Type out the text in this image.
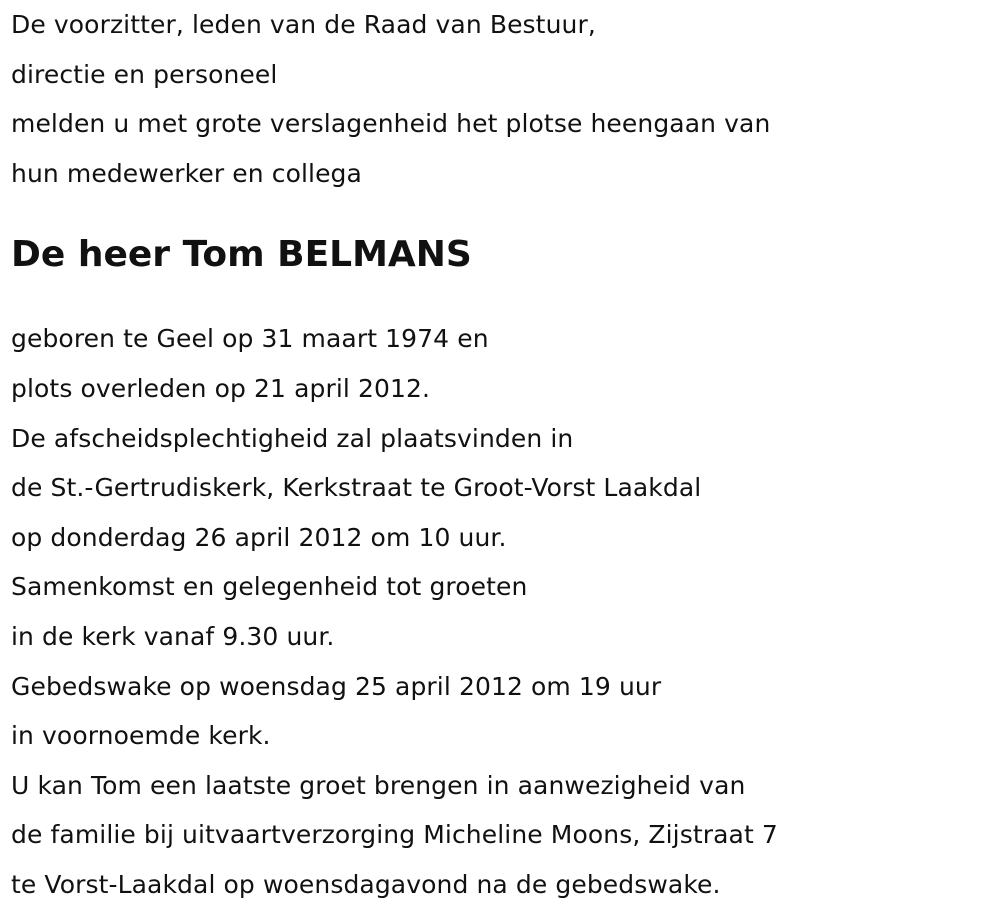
De voorzitter, leden van de Raad van Bestuur,
directie en personeel
melden u met grote verslagenheid het plotse heengaan van
hun medewerker en collega
De heer Tom BELMANS
geboren te Geel op 31 maart 1974 en
plots overleden op 21 april 2012.
De afscheidsplechtigheid zal plaatsvinden in
de St.-Gertrudiskerk, Kerkstraat te Groot-Vorst Laakdal
op donderdag 26 april 2012 om 10 uur.
Samenkomst en gelegenheid tot groeten
in de kerk vanaf 9.30 uur.
Gebedswake op woensdag 25 april 2012 om 19 uur
in voornoemde kerk.
U kan Tom een laatste groet brengen in aanwezigheid van
de familie bij uitvaartverzorging Micheline Moons, Zijstraat 7
te Vorst-Laakdal op woensdagavond na de gebedswake.
